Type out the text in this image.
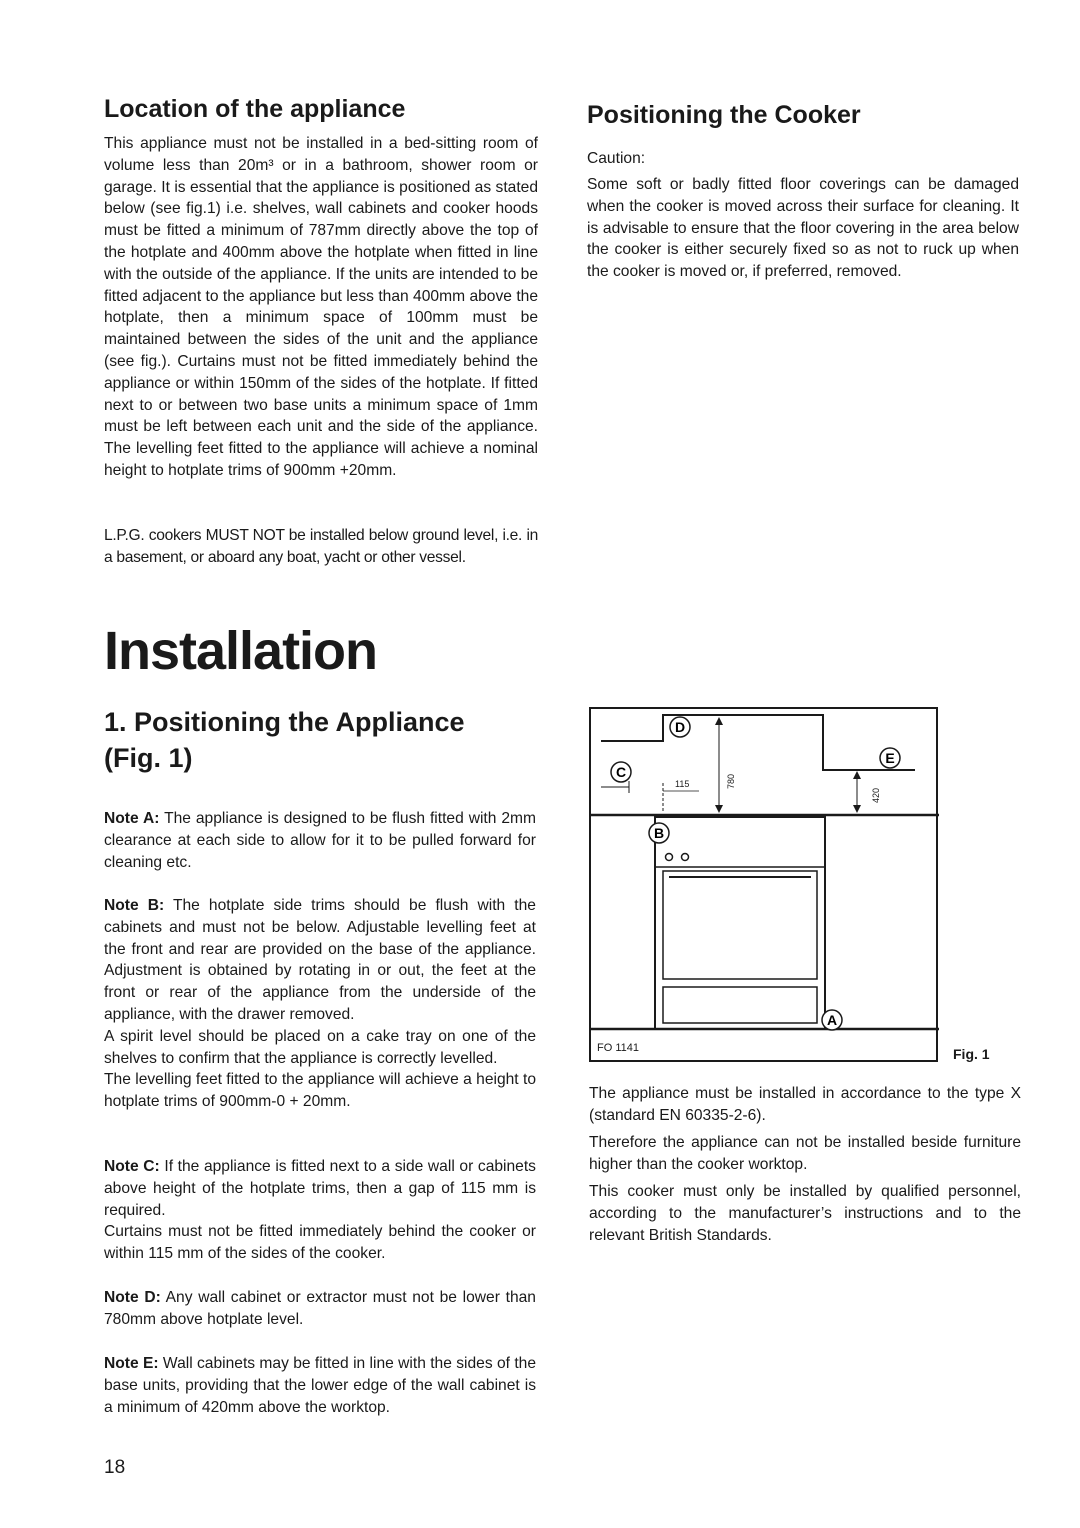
Location of the appliance

This appliance must not be installed in a bed-sitting room of volume less than 20m³ or in a bathroom, shower room or garage. It is essential that the appliance is positioned as stated below (see fig.1) i.e. shelves, wall cabinets and cooker hoods must be fitted a minimum of 787mm directly above the top of the hotplate and 400mm above the hotplate when fitted in line with the outside of the appliance. If the units are intended to be fitted adjacent to the appliance but less than 400mm above the hotplate, then a minimum space of 100mm must be maintained between the sides of the unit and the appliance (see fig.). Curtains must not be fitted immediately behind the appliance or within 150mm of the sides of the hotplate. If fitted next to or between two base units a minimum space of 1mm must be left between each unit and the side of the appliance. The levelling feet fitted to the appliance will achieve a nominal height to hotplate trims of 900mm +20mm.

L.P.G. cookers MUST NOT be installed below ground level, i.e. in a basement, or aboard any boat, yacht or other vessel.

Positioning the Cooker

Caution:

Some soft or badly fitted floor coverings can be damaged when the cooker is moved across their surface for cleaning. It is advisable to ensure that the floor covering in the area below the cooker is either securely fixed so as not to ruck up when the cooker is moved or, if preferred, removed.

Installation
1. Positioning the Appliance
(Fig. 1)

Note A: The appliance is designed to be flush fitted with 2mm clearance at each side to allow for it to be pulled forward for cleaning etc.

Note B: The hotplate side trims should be flush with the cabinets and must not be below. Adjustable levelling feet at the front and rear are provided on the base of the appliance. Adjustment is obtained by rotating in or out, the feet at the front or rear of the appliance from the underside of the appliance, with the drawer removed.

A spirit level should be placed on a cake tray on one of the shelves to confirm that the appliance is correctly levelled.

The levelling feet fitted to the appliance will achieve a height to hotplate trims of 900mm-0 + 20mm.

Note C: If the appliance is fitted next to a side wall or cabinets above height of the hotplate trims, then a gap of 115 mm is required.

Curtains must not be fitted immediately behind the cooker or within 115 mm of the sides of the cooker.

Note D: Any wall cabinet or extractor must not be lower than 780mm above hotplate level.

Note E: Wall cabinets may be fitted in line with the sides of the base units, providing that the lower edge of the wall cabinet is a minimum of 420mm above the worktop.

115	780
420
D
E
C
B
A
FO 1141	Fig. 1

The appliance must be installed in accordance to the type X (standard EN 60335-2-6).

Therefore the appliance can not be installed beside furniture higher than the cooker worktop.

This cooker must only be installed by qualified personnel, according to the manufacturer’s instructions and to the relevant British Standards.

18
